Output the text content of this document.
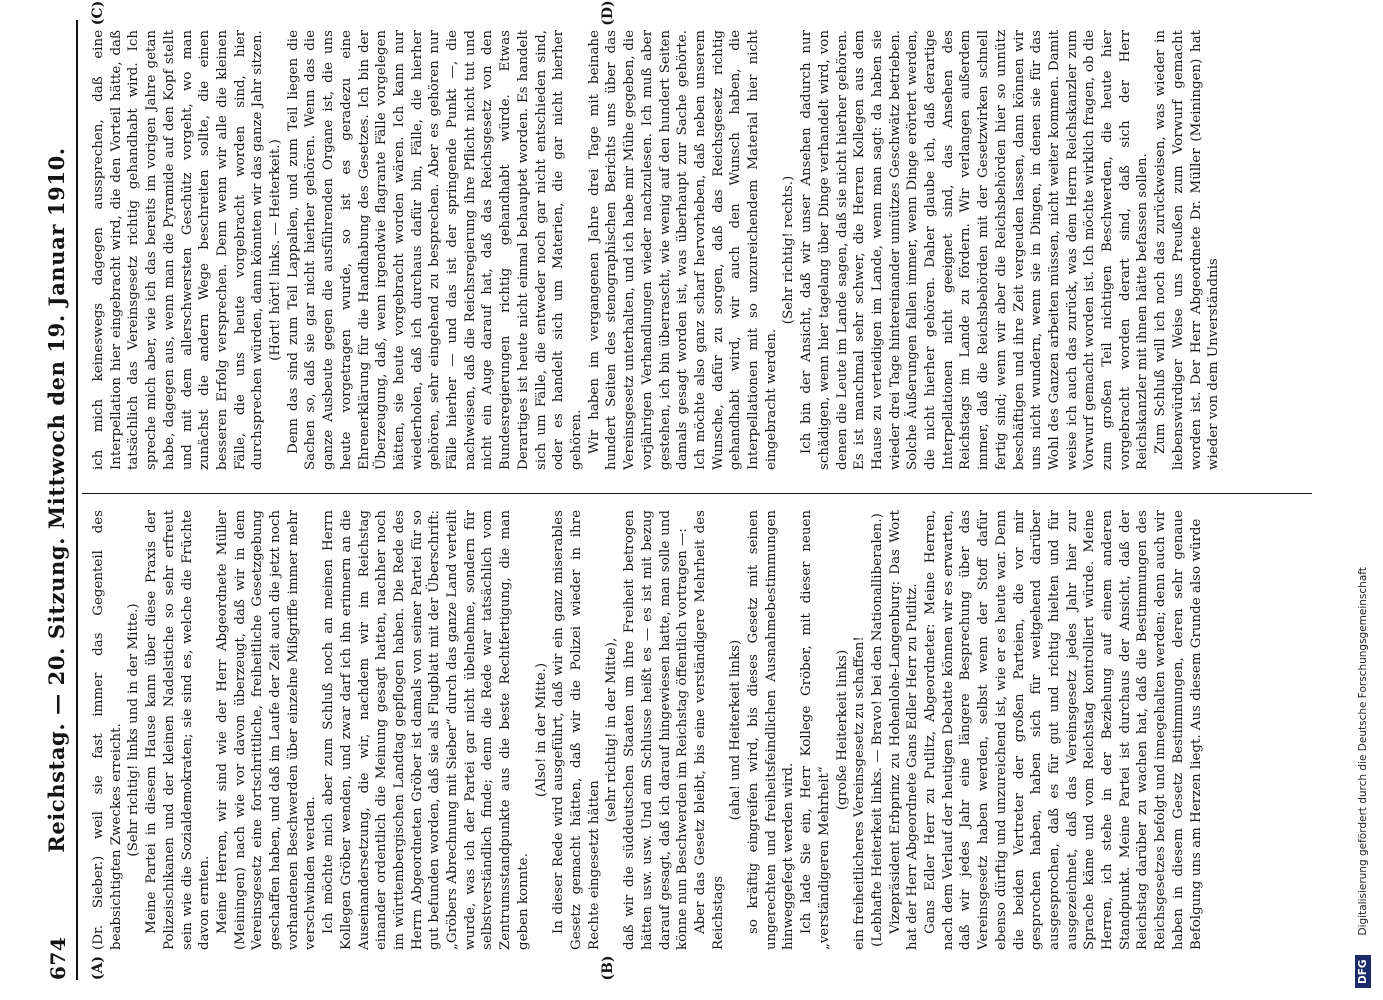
674
Reichstag. — 20. Sitzung. Mittwoch den 19. Januar 1910.
(A)	(B)
(C)	(D)

(Dr. Sieber.) weil sie fast immer das Gegenteil des beabsichtigten Zweckes erreicht. (Sehr richtig! links und in der Mitte.) Meine Partei in diesem Hause kann über diese Praxis der Polizeischikanen und der kleinen Nadelstiche so sehr erfreut sein wie die Sozialdemokraten; sie sind es, welche die Früchte davon ernten. Meine Herren, wir sind wie der Herr Abgeordnete Müller (Meiningen) nach wie vor davon überzeugt, daß wir in dem Vereinsgesetz eine fortschrittliche, freiheitliche Gesetzgebung geschaffen haben, und daß im Laufe der Zeit auch die jetzt noch vorhandenen Beschwerden über einzelne Mißgriffe immer mehr verschwinden werden. Ich möchte mich aber zum Schluß noch an meinen Herrn Kollegen Gröber wenden, und zwar darf ich ihn erinnern an die Auseinandersetzung, die wir, nachdem wir im Reichstag einander ordentlich die Meinung gesagt hatten, nachher noch im württembergischen Landtag gepflogen haben. Die Rede des Herrn Abgeordneten Gröber ist damals von seiner Partei für so gut befunden worden, daß sie als Flugblatt mit der Überschrift: „Gröbers Abrechnung mit Sieber“ durch das ganze Land verteilt wurde, was ich der Partei gar nicht übelnehme, sondern für selbstverständlich finde; denn die Rede war tatsächlich vom Zentrumsstandpunkte aus die beste Rechtfertigung, die man geben konnte.

(Also! in der Mitte.) In dieser Rede wird ausgeführt, daß wir ein ganz miserables Gesetz gemacht hätten, daß wir die Polizei wieder in ihre Rechte eingesetzt hätten

(sehr richtig! in der Mitte), daß wir die süddeutschen Staaten um ihre Freiheit betrogen hätten usw. usw. Und am Schlusse heißt es — es ist mit bezug darauf gesagt, daß ich darauf hingewiesen hatte, man solle und könne nun Beschwerden im Reichstag öffentlich vortragen —: Aber das Gesetz bleibt, bis eine verständigere Mehrheit des Reichstags

(aha! und Heiterkeit links) so kräftig eingreifen wird, bis dieses Gesetz mit seinen ungerechten und freiheitsfeindlichen Ausnahmebestimmungen hinweggefegt werden wird. Ich lade Sie ein, Herr Kollege Gröber, mit dieser neuen „verständigeren Mehrheit“

(große Heiterkeit links) ein freiheitlicheres Vereinsgesetz zu schaffen! (Lebhafte Heiterkeit links. — Bravo! bei den Nationalliberalen.) Vizepräsident Erbprinz zu Hohenlohe-Langenburg: Das Wort hat der Herr Abgeordnete Gans Edler Herr zu Putlitz. Gans Edler Herr zu Putlitz, Abgeordneter: Meine Herren, nach dem Verlauf der heutigen Debatte können wir es erwarten, daß wir jedes Jahr eine längere Besprechung über das Vereinsgesetz haben werden, selbst wenn der Stoff dafür ebenso dürftig und unzureichend ist, wie er es heute war. Denn die beiden Vertreter der großen Parteien, die vor mir gesprochen haben, haben sich für weitgehend darüber ausgesprochen, daß es für gut und richtig hielten und für ausgezeichnet, daß das Vereinsgesetz jedes Jahr hier zur Sprache käme und vom Reichstag kontrolliert würde. Meine Herren, ich stehe in der Beziehung auf einem anderen Standpunkt. Meine Partei ist durchaus der Ansicht, daß der Reichstag darüber zu wachen hat, daß die Bestimmungen des Reichsgesetzes befolgt und innegehalten werden; denn auch wir haben in diesem Gesetz Bestimmungen, deren sehr genaue Befolgung uns am Herzen liegt. Aus diesem Grunde also würde

ich mich keineswegs dagegen aussprechen, daß eine Interpellation hier eingebracht wird, die den Vorteil hätte, daß tatsächlich das Vereinsgesetz richtig gehandhabt wird. Ich spreche mich aber, wie ich das bereits im vorigen Jahre getan habe, dagegen aus, wenn man die Pyramide auf den Kopf stellt und mit dem allerschwersten Geschütz vorgeht, wo man zunächst die andern Wege beschreiten sollte, die einen besseren Erfolg versprechen. Denn wenn wir alle die kleinen Fälle, die uns heute vorgebracht worden sind, hier durchsprechen würden, dann könnten wir das ganze Jahr sitzen. (Hört! hört! links. — Heiterkeit.) Denn das sind zum Teil Lappalien, und zum Teil liegen die Sachen so, daß sie gar nicht hierher gehören. Wenn das die ganze Ausbeute gegen die ausführenden Organe ist, die uns heute vorgetragen wurde, so ist es geradezu eine Ehrenerklärung für die Handhabung des Gesetzes. Ich bin der Überzeugung, daß, wenn irgendwie flagrante Fälle vorgelegen hätten, sie heute vorgebracht worden wären. Ich kann nur wiederholen, daß ich durchaus dafür bin, Fälle, die hierher gehören, sehr eingehend zu besprechen. Aber es gehören nur Fälle hierher — und das ist der springende Punkt —, die nachweisen, daß die Reichsregierung ihre Pflicht nicht tut und nicht ein Auge darauf hat, daß das Reichsgesetz von den Bundesregierungen richtig gehandhabt würde. Etwas Derartiges ist heute nicht einmal behauptet worden. Es handelt sich um Fälle, die entweder noch gar nicht entschieden sind, oder es handelt sich um Materien, die gar nicht hierher gehören. Wir haben im vergangenen Jahre drei Tage mit beinahe hundert Seiten des stenographischen Berichts uns über das Vereinsgesetz unterhalten, und ich habe mir Mühe gegeben, die vorjährigen Verhandlungen wieder nachzulesen. Ich muß aber gestehen, ich bin überrascht, wie wenig auf den hundert Seiten damals gesagt worden ist, was überhaupt zur Sache gehörte. Ich möchte also ganz scharf hervorheben, daß neben unserem Wunsche, dafür zu sorgen, daß das Reichsgesetz richtig gehandhabt wird, wir auch den Wunsch haben, die Interpellationen mit so unzureichendem Material hier nicht eingebracht werden.

(Sehr richtig! rechts.) Ich bin der Ansicht, daß wir unser Ansehen dadurch nur schädigen, wenn hier tagelang über Dinge verhandelt wird, von denen die Leute im Lande sagen, daß sie nicht hierher gehören. Es ist manchmal sehr schwer, die Herren Kollegen aus dem Hause zu verteidigen im Lande, wenn man sagt: da haben sie wieder drei Tage hintereinander unnützes Geschwätz betrieben. Solche Äußerungen fallen immer, wenn Dinge erörtert werden, die nicht hierher gehören. Daher glaube ich, daß derartige Interpellationen nicht geeignet sind, das Ansehen des Reichstags im Lande zu fördern. Wir verlangen außerdem immer, daß die Reichsbehörden mit der Gesetzwirken schnell fertig sind; wenn wir aber die Reichsbehörden hier so unnütz beschäftigen und ihre Zeit vergeuden lassen, dann können wir uns nicht wundern, wenn sie in Dingen, in denen sie für das Wohl des Ganzen arbeiten müssen, nicht weiter kommen. Damit weise ich auch das zurück, was dem Herrn Reichskanzler zum Vorwurf gemacht worden ist. Ich möchte wirklich fragen, ob die zum großen Teil nichtigen Beschwerden, die heute hier vorgebracht worden derart sind, daß sich der Herr Reichskanzler mit ihnen hätte befassen sollen. Zum Schluß will ich noch das zurückweisen, was wieder in liebenswürdiger Weise uns Preußen zum Vorwurf gemacht worden ist. Der Herr Abgeordnete Dr. Müller (Meiningen) hat wieder von dem Unverständnis

DFGDigitalisierung gefördert durch die Deutsche Forschungsgemeinschaft
